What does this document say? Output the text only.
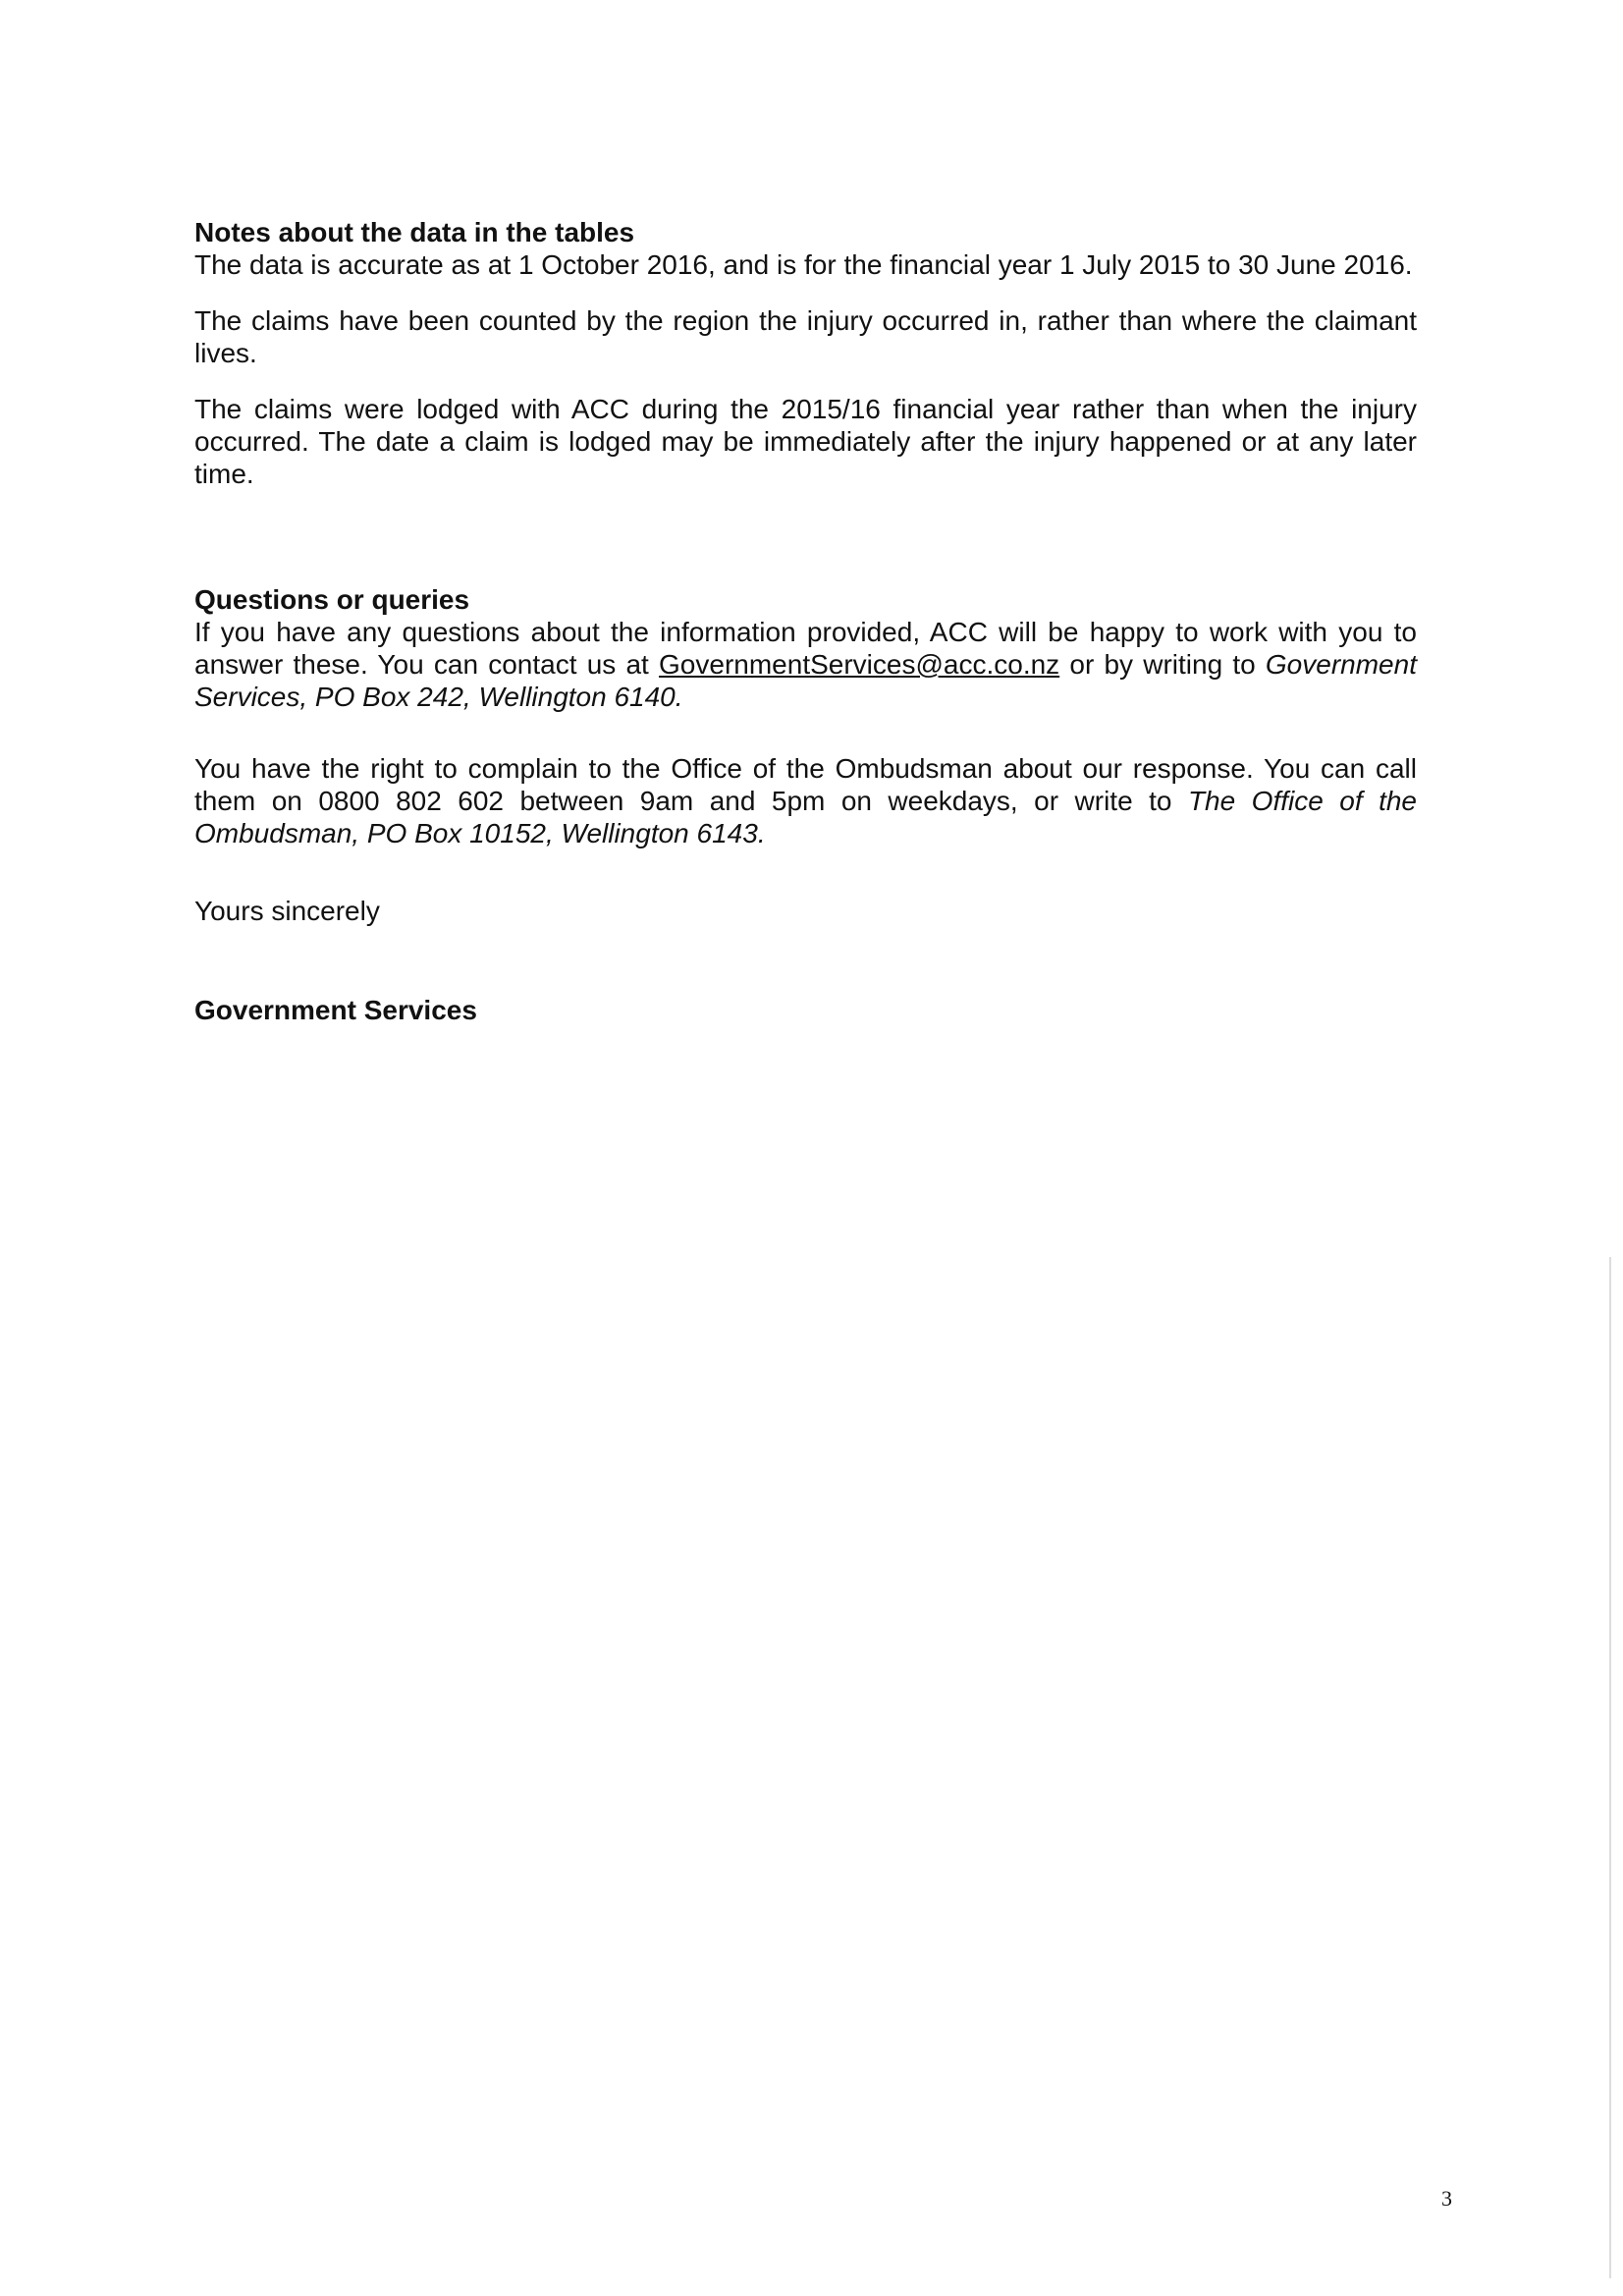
Notes about the data in the tables

The data is accurate as at 1 October 2016, and is for the financial year 1 July 2015 to 30 June 2016.

The claims have been counted by the region the injury occurred in, rather than where the claimant lives.

The claims were lodged with ACC during the 2015/16 financial year rather than when the injury occurred. The date a claim is lodged may be immediately after the injury happened or at any later time.

Questions or queries

If you have any questions about the information provided, ACC will be happy to work with you to answer these. You can contact us at GovernmentServices@acc.co.nz or by writing to Government Services, PO Box 242, Wellington 6140.

You have the right to complain to the Office of the Ombudsman about our response. You can call them on 0800 802 602 between 9am and 5pm on weekdays, or write to The Office of the Ombudsman, PO Box 10152, Wellington 6143.

Yours sincerely
Government Services
3
